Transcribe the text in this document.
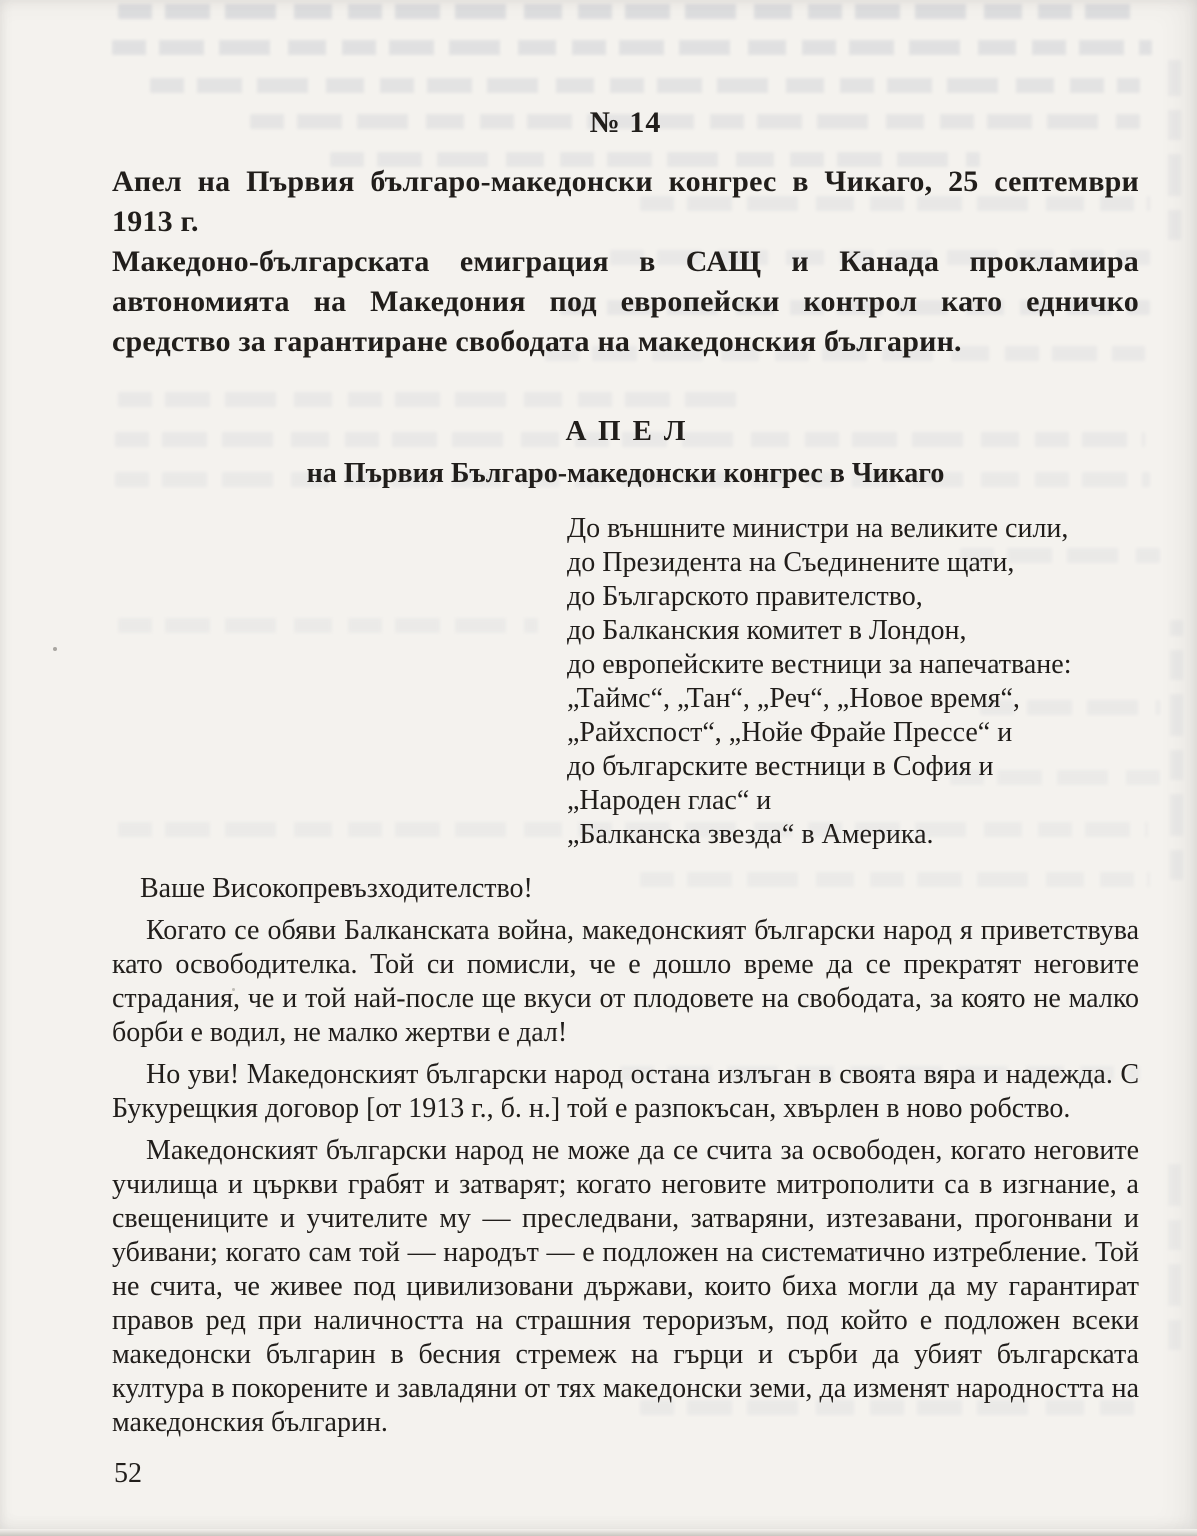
№ 14

Апел на Първия българо-македонски конгрес в Чикаго, 25 септември 1913 г.

Македоно-българската емиграция в САЩ и Канада прокламира автономията на Македония под европейски контрол като едничко средство за гарантиране свободата на македонския българин.

АПЕЛ
на Първия Българо-македонски конгрес в Чикаго
До външните министри на великите сили,
до Президента на Съединените щати,
до Българското правителство,
до Балканския комитет в Лондон,
до европейските вестници за напечатване:
„Таймс“, „Тан“, „Реч“, „Новое время“,
„Райхспост“, „Нойе Фрайе Прессе“ и
до българските вестници в София и
„Народен глас“ и
„Балканска звезда“ в Америка.

Ваше Високопревъзходителство!

Когато се обяви Балканската война, македонският български народ я приветствува като освободителка. Той си помисли, че е дошло време да се прекратят неговите страдания, че и той най-после ще вкуси от плодовете на свободата, за която не малко борби е водил, не малко жертви е дал!

Но уви! Македонският български народ остана излъган в своята вяра и надежда. С Букурещкия договор [от 1913 г., б. н.] той е разпокъсан, хвърлен в ново робство.

Македонският български народ не може да се счита за освободен, когато неговите училища и църкви грабят и затварят; когато неговите митрополити са в изгнание, а свещениците и учителите му — преследвани, затваряни, изтезавани, прогонвани и убивани; когато сам той — народът — е подложен на систематично изтребление. Той не счита, че живее под цивилизовани държави, които биха могли да му гарантират правов ред при наличността на страшния тероризъм, под който е подложен всеки македонски българин в бесния стремеж на гърци и сърби да убият българската култура в покорените и завладяни от тях македонски земи, да изменят народността на македонския българин.

52
